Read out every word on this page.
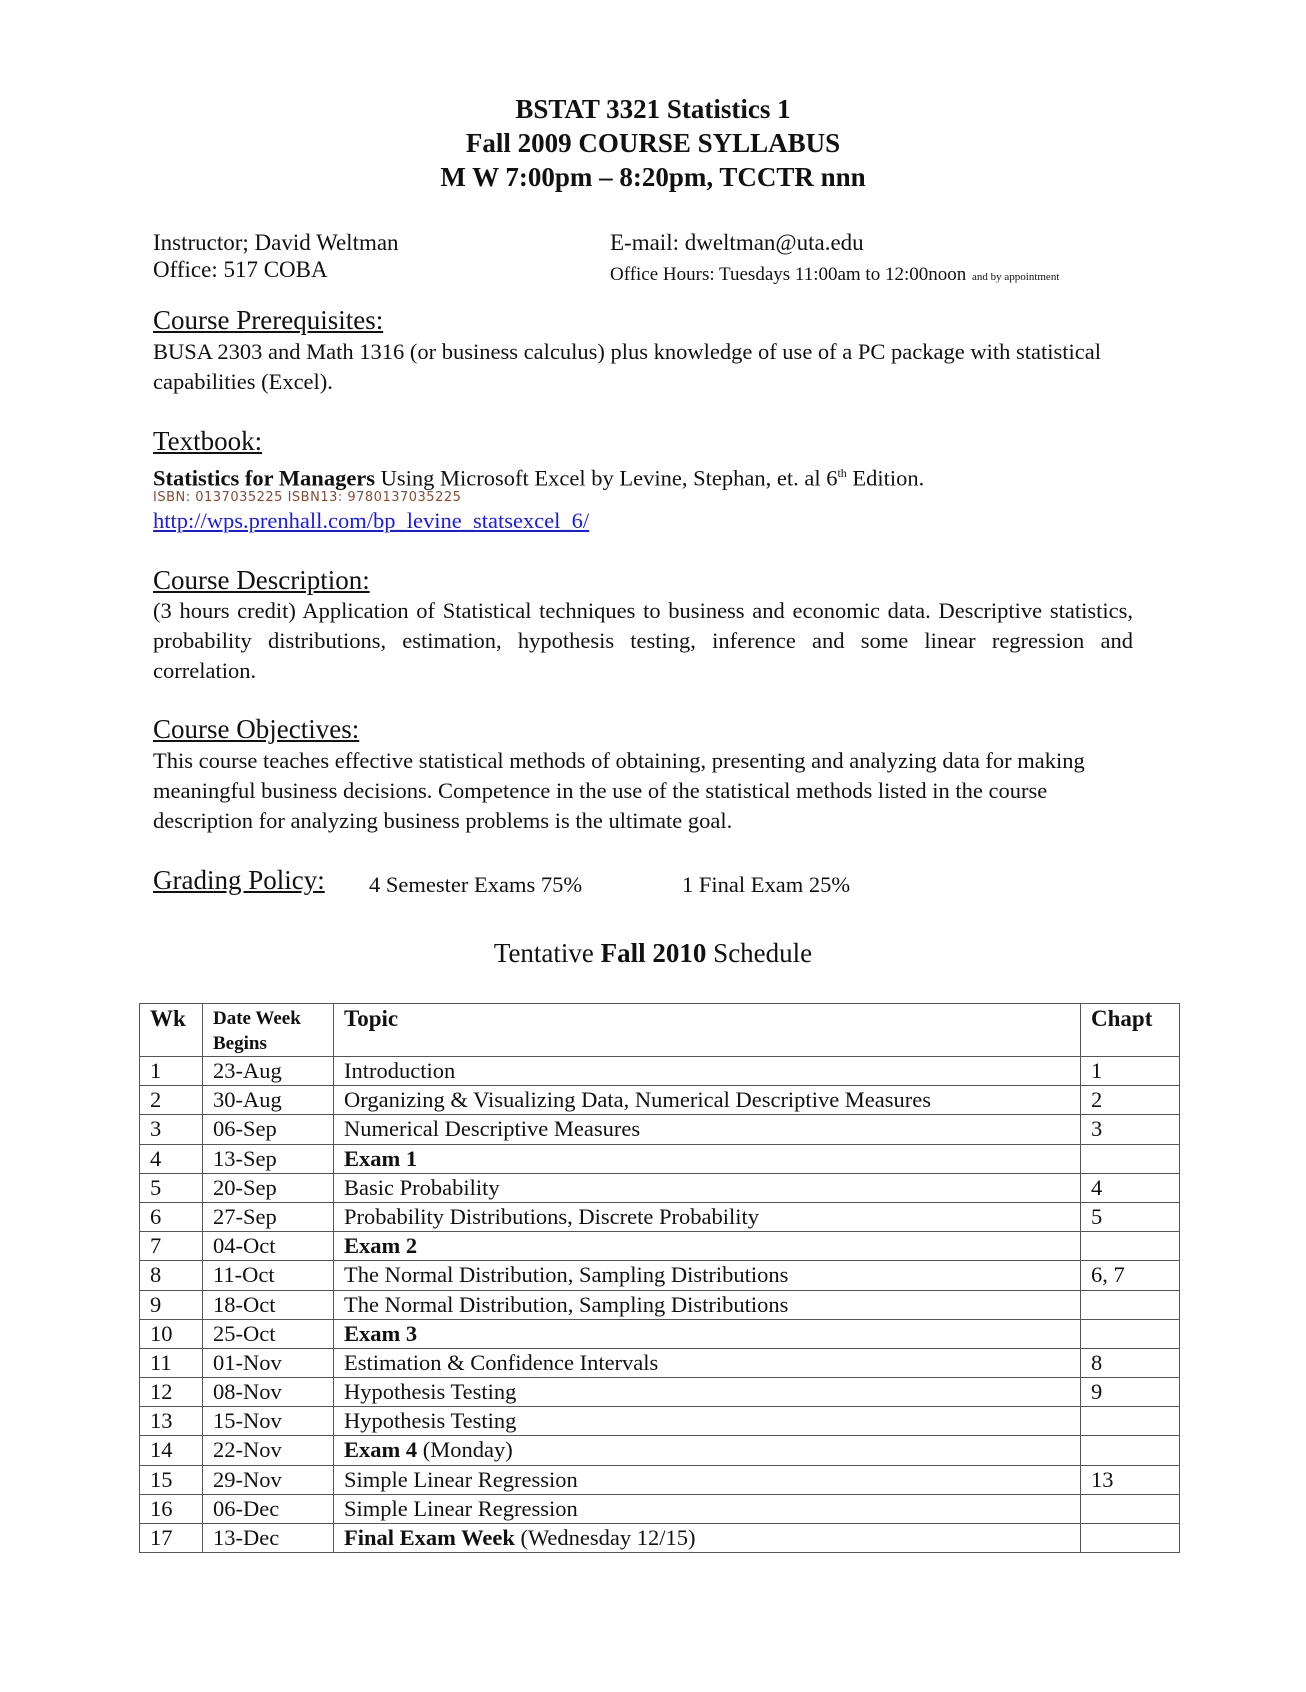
BSTAT 3321 Statistics 1
Fall 2009 COURSE SYLLABUS
M W 7:00pm – 8:20pm, TCCTR nnn
Instructor; David Weltman
Office: 517 COBA
E-mail: dweltman@uta.edu
Office Hours: Tuesdays 11:00am to 12:00noon and by appointment
Course Prerequisites:
BUSA 2303 and Math 1316 (or business calculus) plus knowledge of use of a PC package with statistical capabilities (Excel).
Textbook:
Statistics for Managers Using Microsoft Excel by Levine, Stephan, et. al 6th Edition.
ISBN: 0137035225 ISBN13: 9780137035225
http://wps.prenhall.com/bp_levine_statsexcel_6/
Course Description:
(3 hours credit) Application of Statistical techniques to business and economic data. Descriptive statistics, probability distributions, estimation, hypothesis testing, inference and some linear regression and correlation.
Course Objectives:
This course teaches effective statistical methods of obtaining, presenting and analyzing data for making meaningful business decisions. Competence in the use of the statistical methods listed in the course description for analyzing business problems is the ultimate goal.
Grading Policy: 4 Semester Exams 75%	1 Final Exam 25%
Tentative Fall 2010 Schedule
Wk	Date Week Begins	Topic	Chapt
1	23-Aug	Introduction	1
2	30-Aug	Organizing & Visualizing Data, Numerical Descriptive Measures	2
3	06-Sep	Numerical Descriptive Measures	3
4	13-Sep	Exam 1	
5	20-Sep	Basic Probability	4
6	27-Sep	Probability Distributions, Discrete Probability	5
7	04-Oct	Exam 2	
8	11-Oct	The Normal Distribution, Sampling Distributions	6, 7
9	18-Oct	The Normal Distribution, Sampling Distributions	
10	25-Oct	Exam 3	
11	01-Nov	Estimation & Confidence Intervals	8
12	08-Nov	Hypothesis Testing	9
13	15-Nov	Hypothesis Testing	
14	22-Nov	Exam 4 (Monday)	
15	29-Nov	Simple Linear Regression	13
16	06-Dec	Simple Linear Regression	
17	13-Dec	Final Exam Week (Wednesday 12/15)	
